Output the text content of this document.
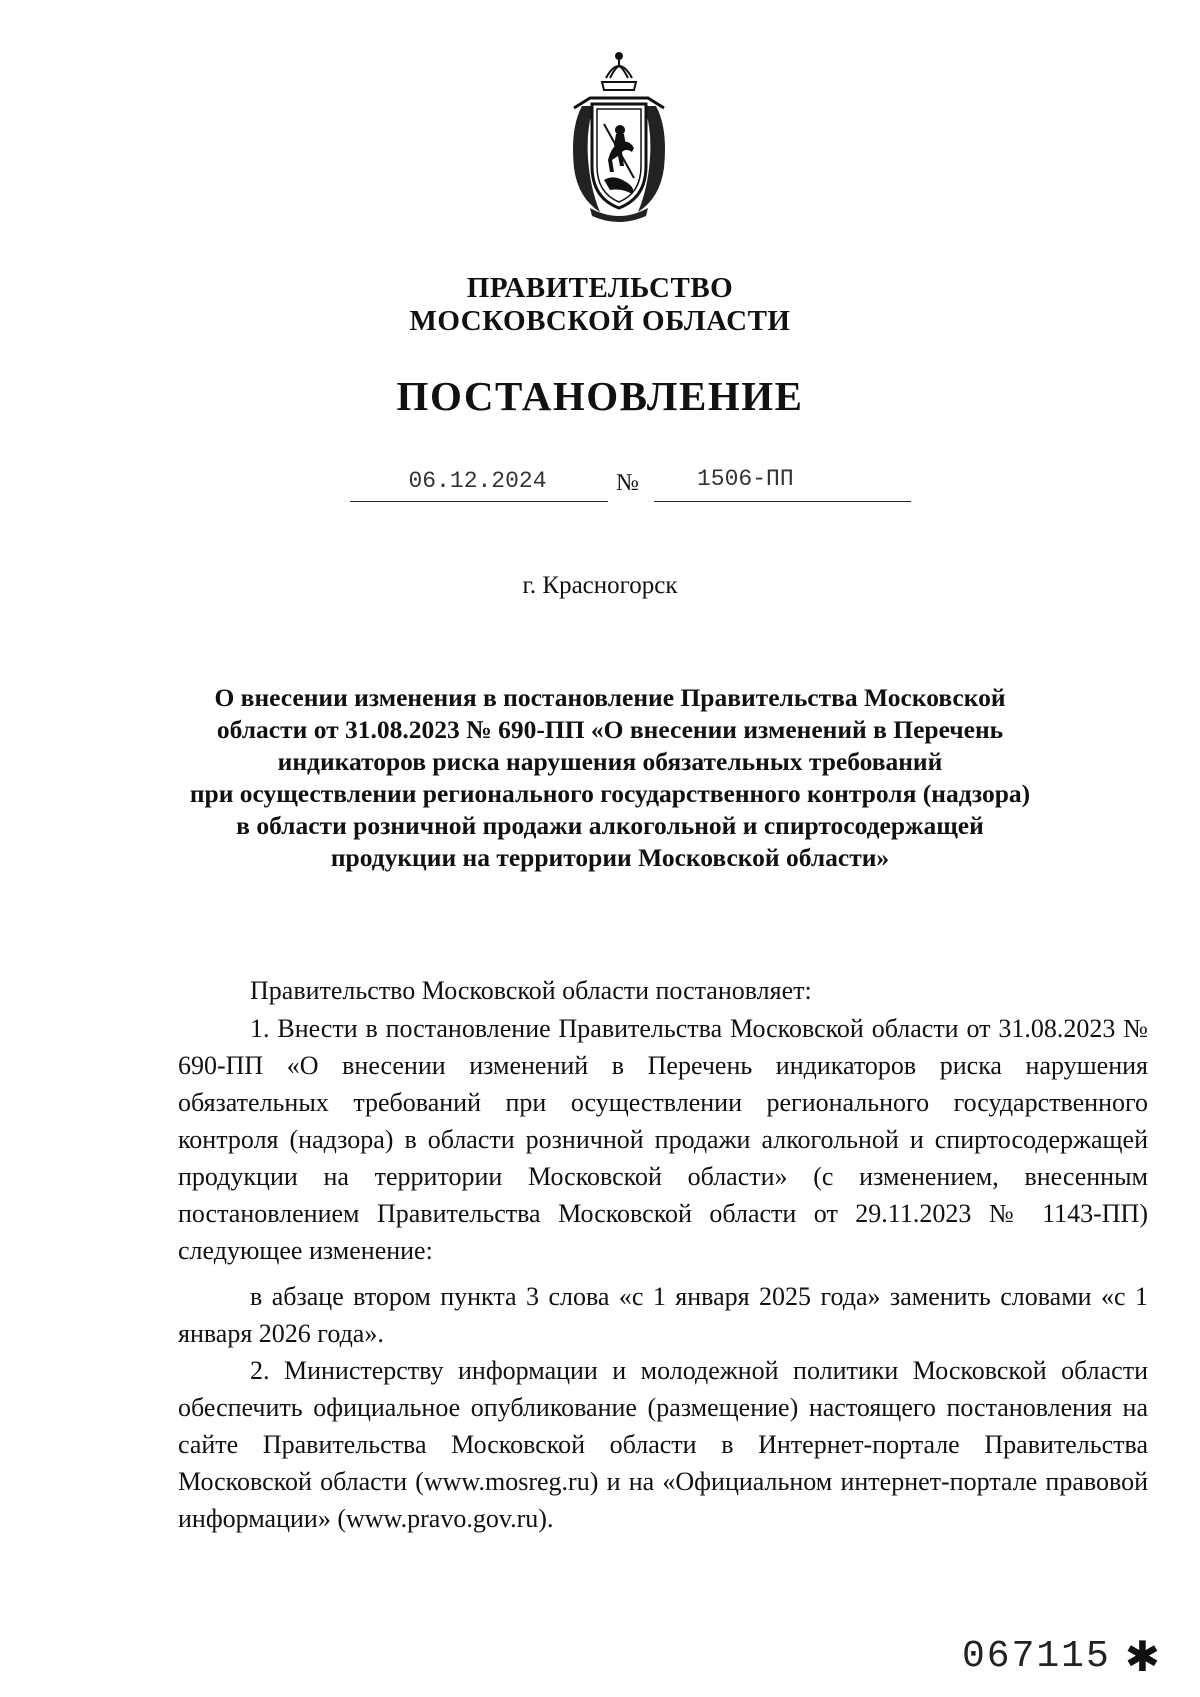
ПРАВИТЕЛЬСТВО
МОСКОВСКОЙ ОБЛАСТИ
ПОСТАНОВЛЕНИЕ
06.12.2024	№	1506-ПП
г. Красногорск
О внесении изменения в постановление Правительства Московской
области от 31.08.2023 № 690-ПП «О внесении изменений в Перечень
индикаторов риска нарушения обязательных требований
при осуществлении регионального государственного контроля (надзора)
в области розничной продажи алкогольной и спиртосодержащей
продукции на территории Московской области»

Правительство Московской области постановляет:

1. Внести в постановление Правительства Московской области от 31.08.2023 № 690-ПП «О внесении изменений в Перечень индикаторов риска нарушения обязательных требований при осуществлении регионального государственного контроля (надзора) в области розничной продажи алкогольной и спиртосодержащей продукции на территории Московской области» (с изменением, внесенным постановлением Правительства Московской области от 29.11.2023 № 1143-ПП) следующее изменение:

в абзаце втором пункта 3 слова «с 1 января 2025 года» заменить словами «с 1 января 2026 года».

2. Министерству информации и молодежной политики Московской области обеспечить официальное опубликование (размещение) настоящего постановления на сайте Правительства Московской области в Интернет-портале Правительства Московской области (www.mosreg.ru) и на «Официальном интернет-портале правовой информации» (www.pravo.gov.ru).

067115 ✱
